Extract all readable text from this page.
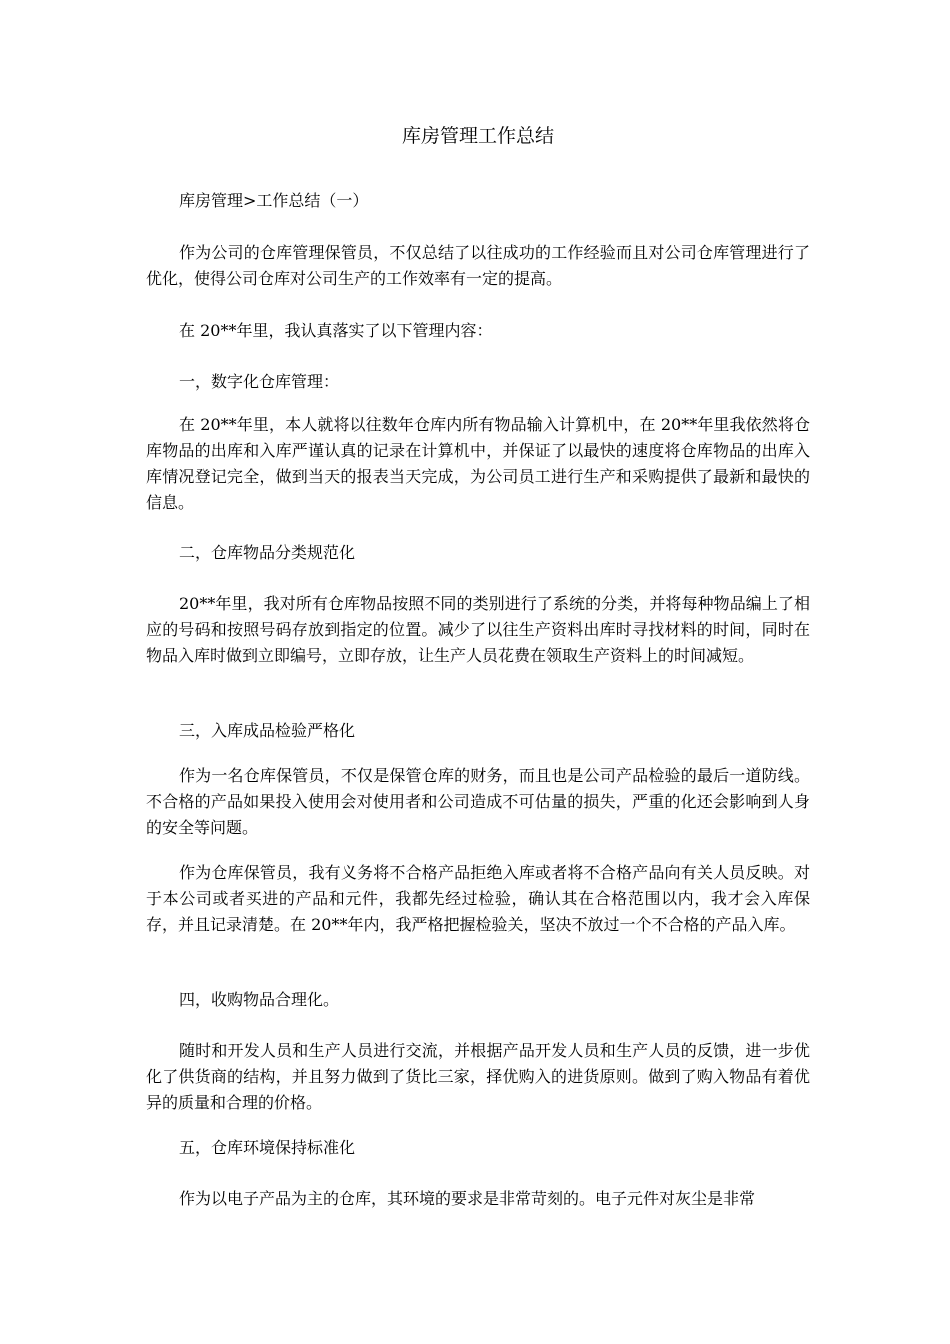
库房管理工作总结
库房管理>工作总结（一）
作为公司的仓库管理保管员，不仅总结了以往成功的工作经验而且对公司仓库管理进行了优化，使得公司仓库对公司生产的工作效率有一定的提高。
在 20**年里，我认真落实了以下管理内容：
一，数字化仓库管理：
在 20**年里，本人就将以往数年仓库内所有物品输入计算机中，在 20**年里我依然将仓库物品的出库和入库严谨认真的记录在计算机中，并保证了以最快的速度将仓库物品的出库入库情况登记完全，做到当天的报表当天完成，为公司员工进行生产和采购提供了最新和最快的信息。
二，仓库物品分类规范化
20**年里，我对所有仓库物品按照不同的类别进行了系统的分类，并将每种物品编上了相应的号码和按照号码存放到指定的位置。减少了以往生产资料出库时寻找材料的时间，同时在物品入库时做到立即编号，立即存放，让生产人员花费在领取生产资料上的时间减短。
三，入库成品检验严格化
作为一名仓库保管员，不仅是保管仓库的财务，而且也是公司产品检验的最后一道防线。不合格的产品如果投入使用会对使用者和公司造成不可估量的损失，严重的化还会影响到人身的安全等问题。
作为仓库保管员，我有义务将不合格产品拒绝入库或者将不合格产品向有关人员反映。对于本公司或者买进的产品和元件，我都先经过检验，确认其在合格范围以内，我才会入库保存，并且记录清楚。在 20**年内，我严格把握检验关，坚决不放过一个不合格的产品入库。
四，收购物品合理化。
随时和开发人员和生产人员进行交流，并根据产品开发人员和生产人员的反馈，进一步优化了供货商的结构，并且努力做到了货比三家，择优购入的进货原则。做到了购入物品有着优异的质量和合理的价格。
五，仓库环境保持标准化
作为以电子产品为主的仓库，其环境的要求是非常苛刻的。电子元件对灰尘是非常
